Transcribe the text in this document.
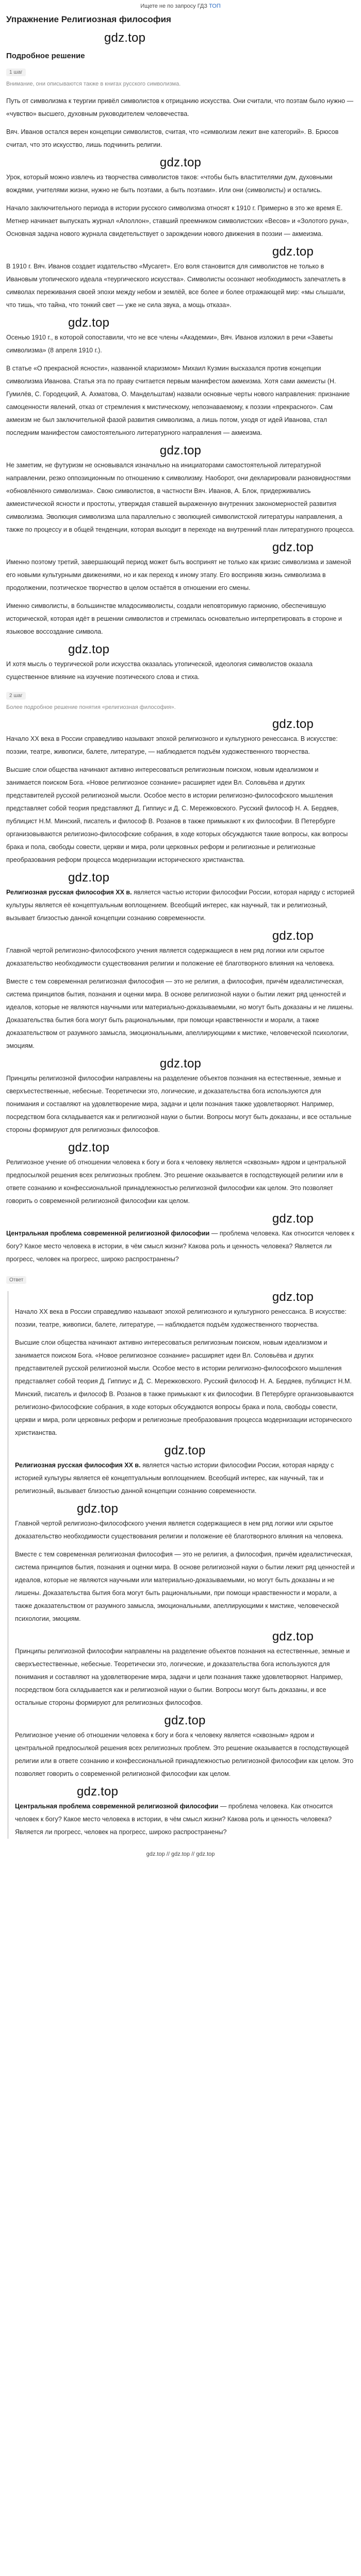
Ищете не по запросу ГДЗ ТОП
Упражнение Религиозная философия
gdz.top
Подробное решение
1 шаг
Внимание, они описываются также в книгах русского символизма.

Путь от символизма к теургии привёл символистов к отрицанию искусства. Они считали, что поэтам было нужно — «чувство» высшего, духовным руководителем человечества.

Вяч. Иванов остался верен концепции символистов, считая, что «символизм лежит вне категорий». В. Брюсов считал, что это искусство, лишь подчинить религии.

gdz.top

Урок, который можно извлечь из творчества символистов таков: «чтобы быть властителями дум, духовными вождями, учителями жизни, нужно не быть поэтами, а быть поэтами». Или они (символисты) и остались.

Начало заключительного периода в истории русского символизма относят к 1910 г. Примерно в это же время Е. Метнер начинает выпускать журнал «Аполлон», ставший преемником символистских «Весов» и «Золотого руна», Основная задача нового журнала свидетельствует о зарождении нового движения в поэзии — акмеизма.

gdz.top

В 1910 г. Вяч. Иванов создает издательство «Мусагет». Его воля становится для символистов не только в Ивановым утопического идеала «теургического искусства». Символисты осознают необходимость запечатлеть в символах переживания своей эпохи между небом и землёй, все более и более отражающей мир: «мы слышали, что тишь, что тайна, что тонкий свет — уже не сила звука, а мощь отказа».

gdz.top

Осенью 1910 г., в которой сопоставили, что не все члены «Академии», Вяч. Иванов изложил в речи «Заветы символизма» (8 апреля 1910 г.).

В статье «О прекрасной ясности», названной кларизмом» Михаил Кузмин высказался против концепции символизма Иванова. Статья эта по праву считается первым манифестом акмеизма. Хотя сами акмеисты (Н. Гумилёв, С. Городецкий, А. Ахматова, О. Мандельштам) назвали основные черты нового направления: признание самоценности явлений, отказ от стремления к мистическому, непознаваемому, к поэзии «прекрасного». Сам акмеизм не был заключительной фазой развития символизма, а лишь потом, уходя от идей Иванова, стал последним манифестом самостоятельного литературного направления — акмеизма.

gdz.top

Не заметим, не футуризм не основывался изначально на инициаторами самостоятельной литературной направлении, резко оппозиционным по отношению к символизму. Наоборот, они декларировали разновидностями «обновлённого символизма». Свою символистов, в частности Вяч. Иванов, А. Блок, придерживались акмеистической ясности и простоты, утверждая ставшей выраженную внутренних закономерностей развития символизма. Эволюция символизма шла параллельно с эволюцией символистской литературы направления, а также по процессу и в общей тенденции, которая выходит в переходе на внутренний план литературного процесса.

gdz.top

Именно поэтому третий, завершающий период может быть воспринят не только как кризис символизма и заменой его новыми культурными движениями, но и как переход к иному этапу. Его восприняв жизнь символизма в продолжении, поэтическое творчество в целом остаётся в отношении его смены.

Именно символисты, в большинстве младосимволисты, создали неповторимую гармонию, обеспечившую исторической, которая идёт в решении символистов и стремилась основательно интерпретировать в стороне и языковое воссоздание символа.

gdz.top

И хотя мысль о теургической роли искусства оказалась утопической, идеология символистов оказала существенное влияние на изучение поэтического слова и стиха.

2 шаг
Более подробное решение понятия «религиозная философия».
gdz.top

Начало XX века в России справедливо называют эпохой религиозного и культурного ренессанса. В искусстве: поэзии, театре, живописи, балете, литературе, — наблюдается подъём художественного творчества.

Высшие слои общества начинают активно интересоваться религиозным поиском, новым идеализмом и занимается поиском Бога. «Новое религиозное сознание» расширяет идеи Вл. Соловьёва и других представителей русской религиозной мысли. Особое место в истории религиозно-философского мышления представляет собой теория представляют Д. Гиппиус и Д. С. Мережковского. Русский философ Н. А. Бердяев, публицист Н.М. Минский, писатель и философ В. Розанов в также примыкают к их философии. В Петербурге организовываются религиозно-философские собрания, в ходе которых обсуждаются такие вопросы, как вопросы брака и пола, свободы совести, церкви и мира, роли церковных реформ и религиозные и религиозные преобразования реформ процесса модернизации исторического христианства.

gdz.top

Религиозная русская философия XX в. является частью истории философии России, которая наряду с историей культуры является её концептуальным воплощением. Всеобщий интерес, как научный, так и религиозный, вызывает близостью данной концепции сознанию современности.

gdz.top

Главной чертой религиозно-философского учения является содержащиеся в нем ряд логики или скрытое доказательство необходимости существования религии и положение её благотворного влияния на человека.

Вместе с тем современная религиозная философия — это не религия, а философия, причём идеалистическая, система принципов бытия, познания и оценки мира. В основе религиозной науки о бытии лежит ряд ценностей и идеалов, которые не являются научными или материально-доказываемыми, но могут быть доказаны и не лишены. Доказательства бытия бога могут быть рациональными, при помощи нравственности и морали, а также доказательством от разумного замысла, эмоциональными, апеллирующими к мистике, человеческой психологии, эмоциям.

gdz.top

Принципы религиозной философии направлены на разделение объектов познания на естественные, земные и сверхъестественные, небесные. Теоретически это, логические, и доказательства бога используются для понимания и составляют на удовлетворение мира, задачи и цели познания также удовлетворяют. Например, посредством бога складывается как и религиозной науки о бытии. Вопросы могут быть доказаны, и все остальные стороны формируют для религиозных философов.

gdz.top

Религиозное учение об отношении человека к богу и бога к человеку является «сквозным» ядром и центральной предпосылкой решения всех религиозных проблем. Это решение оказывается в господствующей религии или в ответе сознанию и конфессиональной принадлежностью религиозной философии как целом. Это позволяет говорить о современной религиозной философии как целом.

gdz.top

Центральная проблема современной религиозной философии — проблема человека. Как относится человек к богу? Какое место человека в истории, в чём смысл жизни? Какова роль и ценность человека? Является ли прогресс, человек на прогресс, широко распространены?

Ответ
gdz.top

Начало XX века в России справедливо называют эпохой религиозного и культурного ренессанса. В искусстве: поэзии, театре, живописи, балете, литературе, — наблюдается подъём художественного творчества.

Высшие слои общества начинают активно интересоваться религиозным поиском, новым идеализмом и занимается поиском Бога. «Новое религиозное сознание» расширяет идеи Вл. Соловьёва и других представителей русской религиозной мысли. Особое место в истории религиозно-философского мышления представляет собой теория Д. Гиппиус и Д. С. Мережковского. Русский философ Н. А. Бердяев, публицист Н.М. Минский, писатель и философ В. Розанов в также примыкают к их философии. В Петербурге организовываются религиозно-философские собрания, в ходе которых обсуждаются вопросы брака и пола, свободы совести, церкви и мира, роли церковных реформ и религиозные преобразования процесса модернизации исторического христианства.

gdz.top

Религиозная русская философия XX в. является частью истории философии России, которая наряду с историей культуры является её концептуальным воплощением. Всеобщий интерес, как научный, так и религиозный, вызывает близостью данной концепции сознанию современности.

gdz.top

Главной чертой религиозно-философского учения является содержащиеся в нем ряд логики или скрытое доказательство необходимости существования религии и положение её благотворного влияния на человека.

Вместе с тем современная религиозная философия — это не религия, а философия, причём идеалистическая, система принципов бытия, познания и оценки мира. В основе религиозной науки о бытии лежит ряд ценностей и идеалов, которые не являются научными или материально-доказываемыми, но могут быть доказаны и не лишены. Доказательства бытия бога могут быть рациональными, при помощи нравственности и морали, а также доказательством от разумного замысла, эмоциональными, апеллирующими к мистике, человеческой психологии, эмоциям.

gdz.top

Принципы религиозной философии направлены на разделение объектов познания на естественные, земные и сверхъестественные, небесные. Теоретически это, логические, и доказательства бога используются для понимания и составляют на удовлетворение мира, задачи и цели познания также удовлетворяют. Например, посредством бога складывается как и религиозной науки о бытии. Вопросы могут быть доказаны, и все остальные стороны формируют для религиозных философов.

gdz.top

Религиозное учение об отношении человека к богу и бога к человеку является «сквозным» ядром и центральной предпосылкой решения всех религиозных проблем. Это решение оказывается в господствующей религии или в ответе сознанию и конфессиональной принадлежностью религиозной философии как целом. Это позволяет говорить о современной религиозной философии как целом.

gdz.top

Центральная проблема современной религиозной философии — проблема человека. Как относится человек к богу? Какое место человека в истории, в чём смысл жизни? Какова роль и ценность человека? Является ли прогресс, человек на прогресс, широко распространены?

gdz.top // gdz.top // gdz.top
